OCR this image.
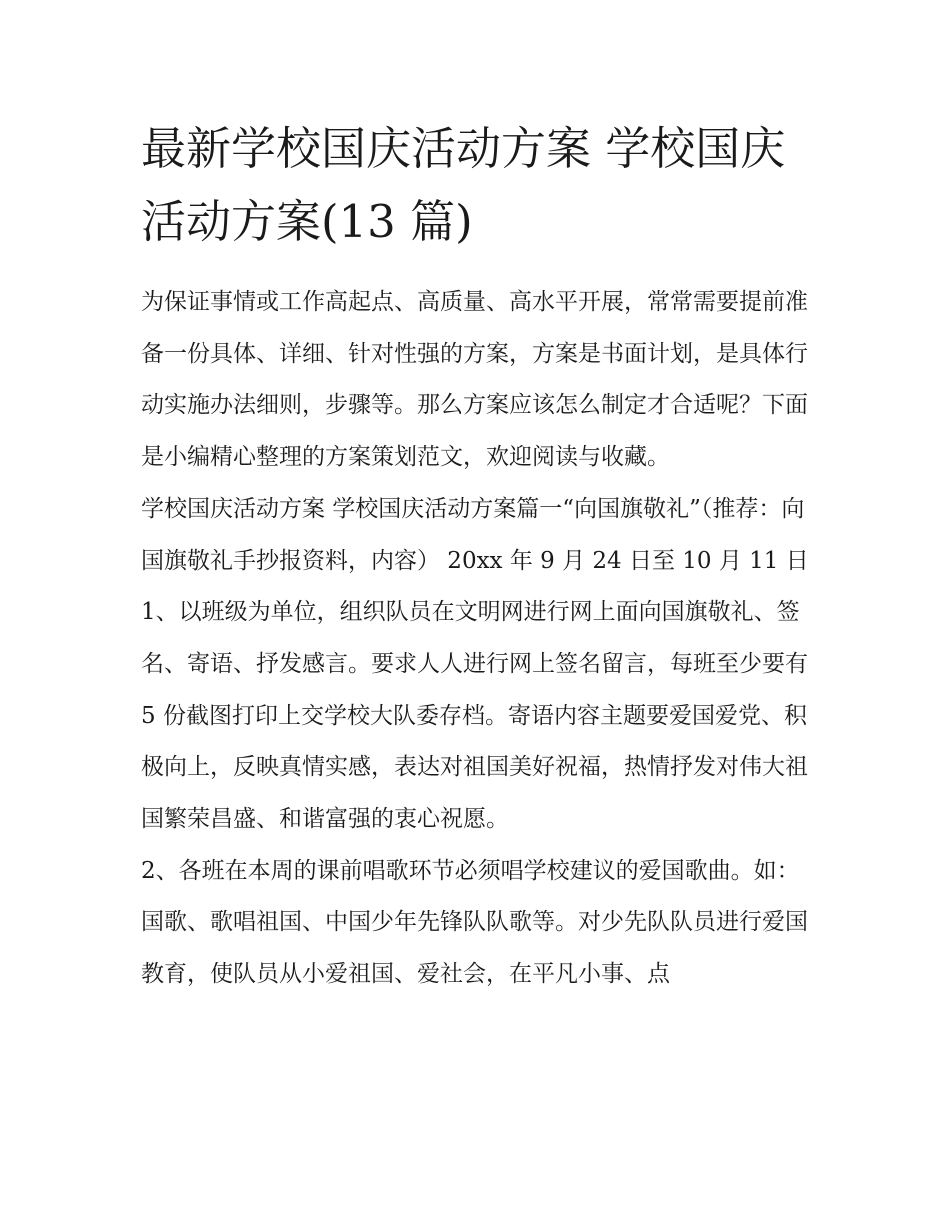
最新学校国庆活动方案 学校国庆活动方案(13 篇)

为保证事情或工作高起点、高质量、高水平开展，常常需要提前准备一份具体、详细、针对性强的方案，方案是书面计划，是具体行动实施办法细则，步骤等。那么方案应该怎么制定才合适呢？下面是小编精心整理的方案策划范文，欢迎阅读与收藏。

学校国庆活动方案 学校国庆活动方案篇一“向国旗敬礼”（推荐：向国旗敬礼手抄报资料，内容） 20xx 年 9 月 24 日至 10 月 11 日

1、以班级为单位，组织队员在文明网进行网上面向国旗敬礼、签名、寄语、抒发感言。要求人人进行网上签名留言，每班至少要有 5 份截图打印上交学校大队委存档。寄语内容主题要爱国爱党、积极向上，反映真情实感，表达对祖国美好祝福，热情抒发对伟大祖国繁荣昌盛、和谐富强的衷心祝愿。

2、各班在本周的课前唱歌环节必须唱学校建议的爱国歌曲。如：国歌、歌唱祖国、中国少年先锋队队歌等。对少先队队员进行爱国教育，使队员从小爱祖国、爱社会，在平凡小事、点
